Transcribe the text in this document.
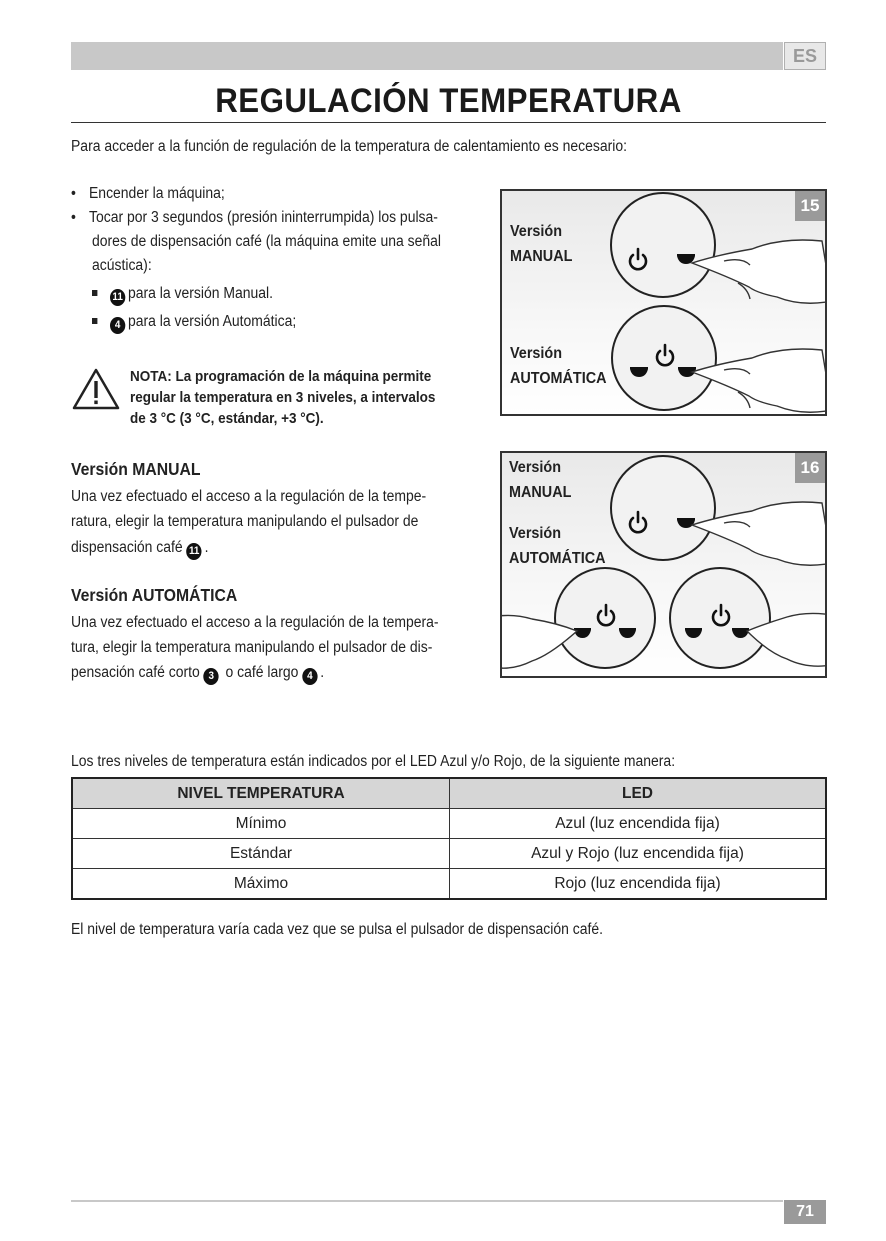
ES
REGULACIÓN TEMPERATURA
Para acceder a la función de regulación de la temperatura de calentamiento es necesario:
• Encender la máquina;
• Tocar por 3 segundos (presión ininterrumpida) los pulsa-
dores de dispensación café (la máquina emite una señal
acústica):
11 para la versión Manual.
4 para la versión Automática;
NOTA: La programación de la máquina permite
regular la temperatura en 3 niveles, a intervalos
de 3 °C (3 °C, estándar, +3 °C).
Versión MANUAL
Una vez efectuado el acceso a la regulación de la tempe-
ratura, elegir la temperatura manipulando el pulsador de
dispensación café 11 .
Versión AUTOMÁTICA
Una vez efectuado el acceso a la regulación de la tempera-
tura, elegir la temperatura manipulando el pulsador de dis-
pensación café corto 3 o café largo 4 .
15
Versión
MANUAL
Versión
AUTOMÁTICA
16
Versión
MANUAL
Versión
AUTOMÁTICA
Los tres niveles de temperatura están indicados por el LED Azul y/o Rojo, de la siguiente manera:
NIVEL TEMPERATURA	LED
Mínimo	Azul (luz encendida fija)
Estándar	Azul y Rojo (luz encendida fija)
Máximo	Rojo (luz encendida fija)
El nivel de temperatura varía cada vez que se pulsa el pulsador de dispensación café.
71
